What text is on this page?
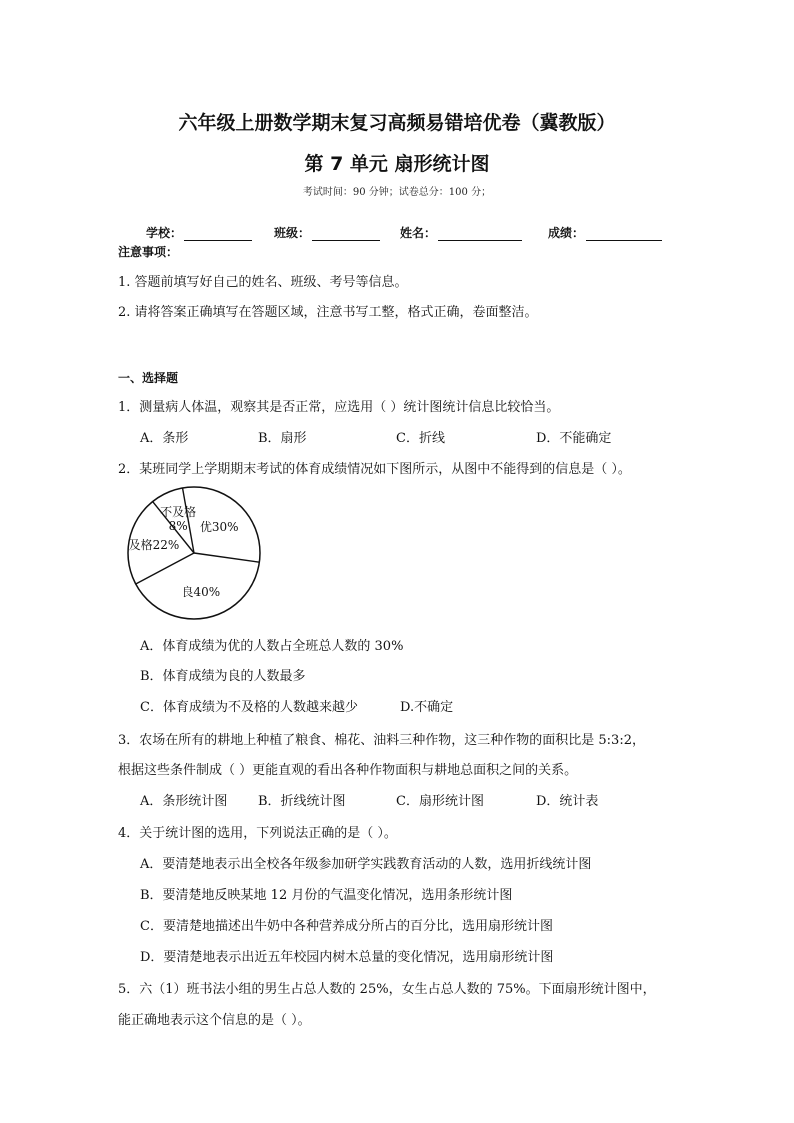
六年级上册数学期末复习高频易错培优卷（冀教版）
第 7 单元 扇形统计图
考试时间：90 分钟；试卷总分：100 分；
学校：	班级：	姓名：	成绩：
注意事项：
1. 答题前填写好自己的姓名、班级、考号等信息。
2. 请将答案正确填写在答题区域，注意书写工整，格式正确，卷面整洁。
一、选择题
1．测量病人体温，观察其是否正常，应选用（ ）统计图统计信息比较恰当。
A．条形	B．扇形	C．折线	D．不能确定
2．某班同学上学期期末考试的体育成绩情况如下图所示，从图中不能得到的信息是（ ）。
优30%
良40%
及格22%
不及格 8%
A．体育成绩为优的人数占全班总人数的 30%
B．体育成绩为良的人数最多
C．体育成绩为不及格的人数越来越少	D.不确定
3．农场在所有的耕地上种植了粮食、棉花、油料三种作物，这三种作物的面积比是 5:3:2，
根据这些条件制成（ ）更能直观的看出各种作物面积与耕地总面积之间的关系。
A．条形统计图 B．折线统计图	C．扇形统计图	D．统计表
4．关于统计图的选用，下列说法正确的是（ ）。
A．要清楚地表示出全校各年级参加研学实践教育活动的人数，选用折线统计图
B．要清楚地反映某地 12 月份的气温变化情况，选用条形统计图
C．要清楚地描述出牛奶中各种营养成分所占的百分比，选用扇形统计图
D．要清楚地表示出近五年校园内树木总量的变化情况，选用扇形统计图
5．六（1）班书法小组的男生占总人数的 25%，女生占总人数的 75%。下面扇形统计图中，
能正确地表示这个信息的是（ ）。
